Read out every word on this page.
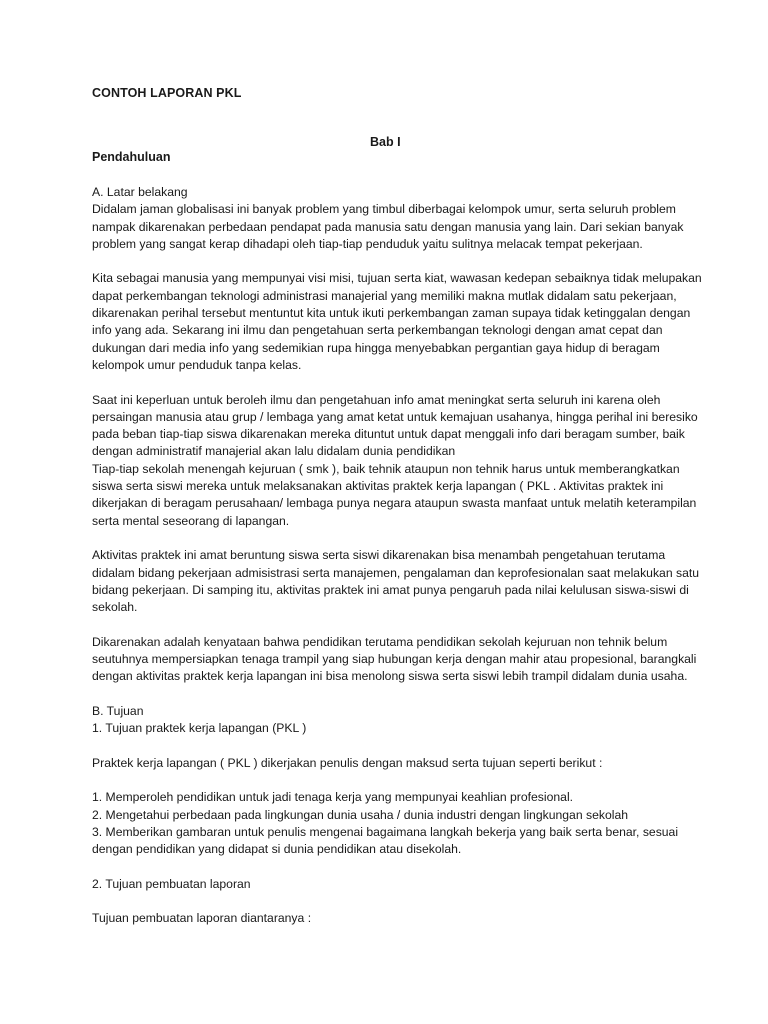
CONTOH LAPORAN PKL
Bab I
Pendahuluan
A. Latar belakang
Didalam jaman globalisasi ini banyak problem yang timbul diberbagai kelompok umur, serta seluruh problem
nampak dikarenakan perbedaan pendapat pada manusia satu dengan manusia yang lain. Dari sekian banyak
problem yang sangat kerap dihadapi oleh tiap-tiap penduduk yaitu sulitnya melacak tempat pekerjaan.
Kita sebagai manusia yang mempunyai visi misi, tujuan serta kiat, wawasan kedepan sebaiknya tidak melupakan
dapat perkembangan teknologi administrasi manajerial yang memiliki makna mutlak didalam satu pekerjaan,
dikarenakan perihal tersebut mentuntut kita untuk ikuti perkembangan zaman supaya tidak ketinggalan dengan
info yang ada. Sekarang ini ilmu dan pengetahuan serta perkembangan teknologi dengan amat cepat dan
dukungan dari media info yang sedemikian rupa hingga menyebabkan pergantian gaya hidup di beragam
kelompok umur penduduk tanpa kelas.
Saat ini keperluan untuk beroleh ilmu dan pengetahuan info amat meningkat serta seluruh ini karena oleh
persaingan manusia atau grup / lembaga yang amat ketat untuk kemajuan usahanya, hingga perihal ini beresiko
pada beban tiap-tiap siswa dikarenakan mereka dituntut untuk dapat menggali info dari beragam sumber, baik
dengan administratif manajerial akan lalu didalam dunia pendidikan
Tiap-tiap sekolah menengah kejuruan ( smk ), baik tehnik ataupun non tehnik harus untuk memberangkatkan
siswa serta siswi mereka untuk melaksanakan aktivitas praktek kerja lapangan ( PKL . Aktivitas praktek ini
dikerjakan di beragam perusahaan/ lembaga punya negara ataupun swasta manfaat untuk melatih keterampilan
serta mental seseorang di lapangan.
Aktivitas praktek ini amat beruntung siswa serta siswi dikarenakan bisa menambah pengetahuan terutama
didalam bidang pekerjaan admisistrasi serta manajemen, pengalaman dan keprofesionalan saat melakukan satu
bidang pekerjaan. Di samping itu, aktivitas praktek ini amat punya pengaruh pada nilai kelulusan siswa-siswi di
sekolah.
Dikarenakan adalah kenyataan bahwa pendidikan terutama pendidikan sekolah kejuruan non tehnik belum
seutuhnya mempersiapkan tenaga trampil yang siap hubungan kerja dengan mahir atau propesional, barangkali
dengan aktivitas praktek kerja lapangan ini bisa menolong siswa serta siswi lebih trampil didalam dunia usaha.
B. Tujuan
1. Tujuan praktek kerja lapangan (PKL )
Praktek kerja lapangan ( PKL ) dikerjakan penulis dengan maksud serta tujuan seperti berikut :
1. Memperoleh pendidikan untuk jadi tenaga kerja yang mempunyai keahlian profesional.
2. Mengetahui perbedaan pada lingkungan dunia usaha / dunia industri dengan lingkungan sekolah
3. Memberikan gambaran untuk penulis mengenai bagaimana langkah bekerja yang baik serta benar, sesuai
dengan pendidikan yang didapat si dunia pendidikan atau disekolah.
2. Tujuan pembuatan laporan
Tujuan pembuatan laporan diantaranya :
